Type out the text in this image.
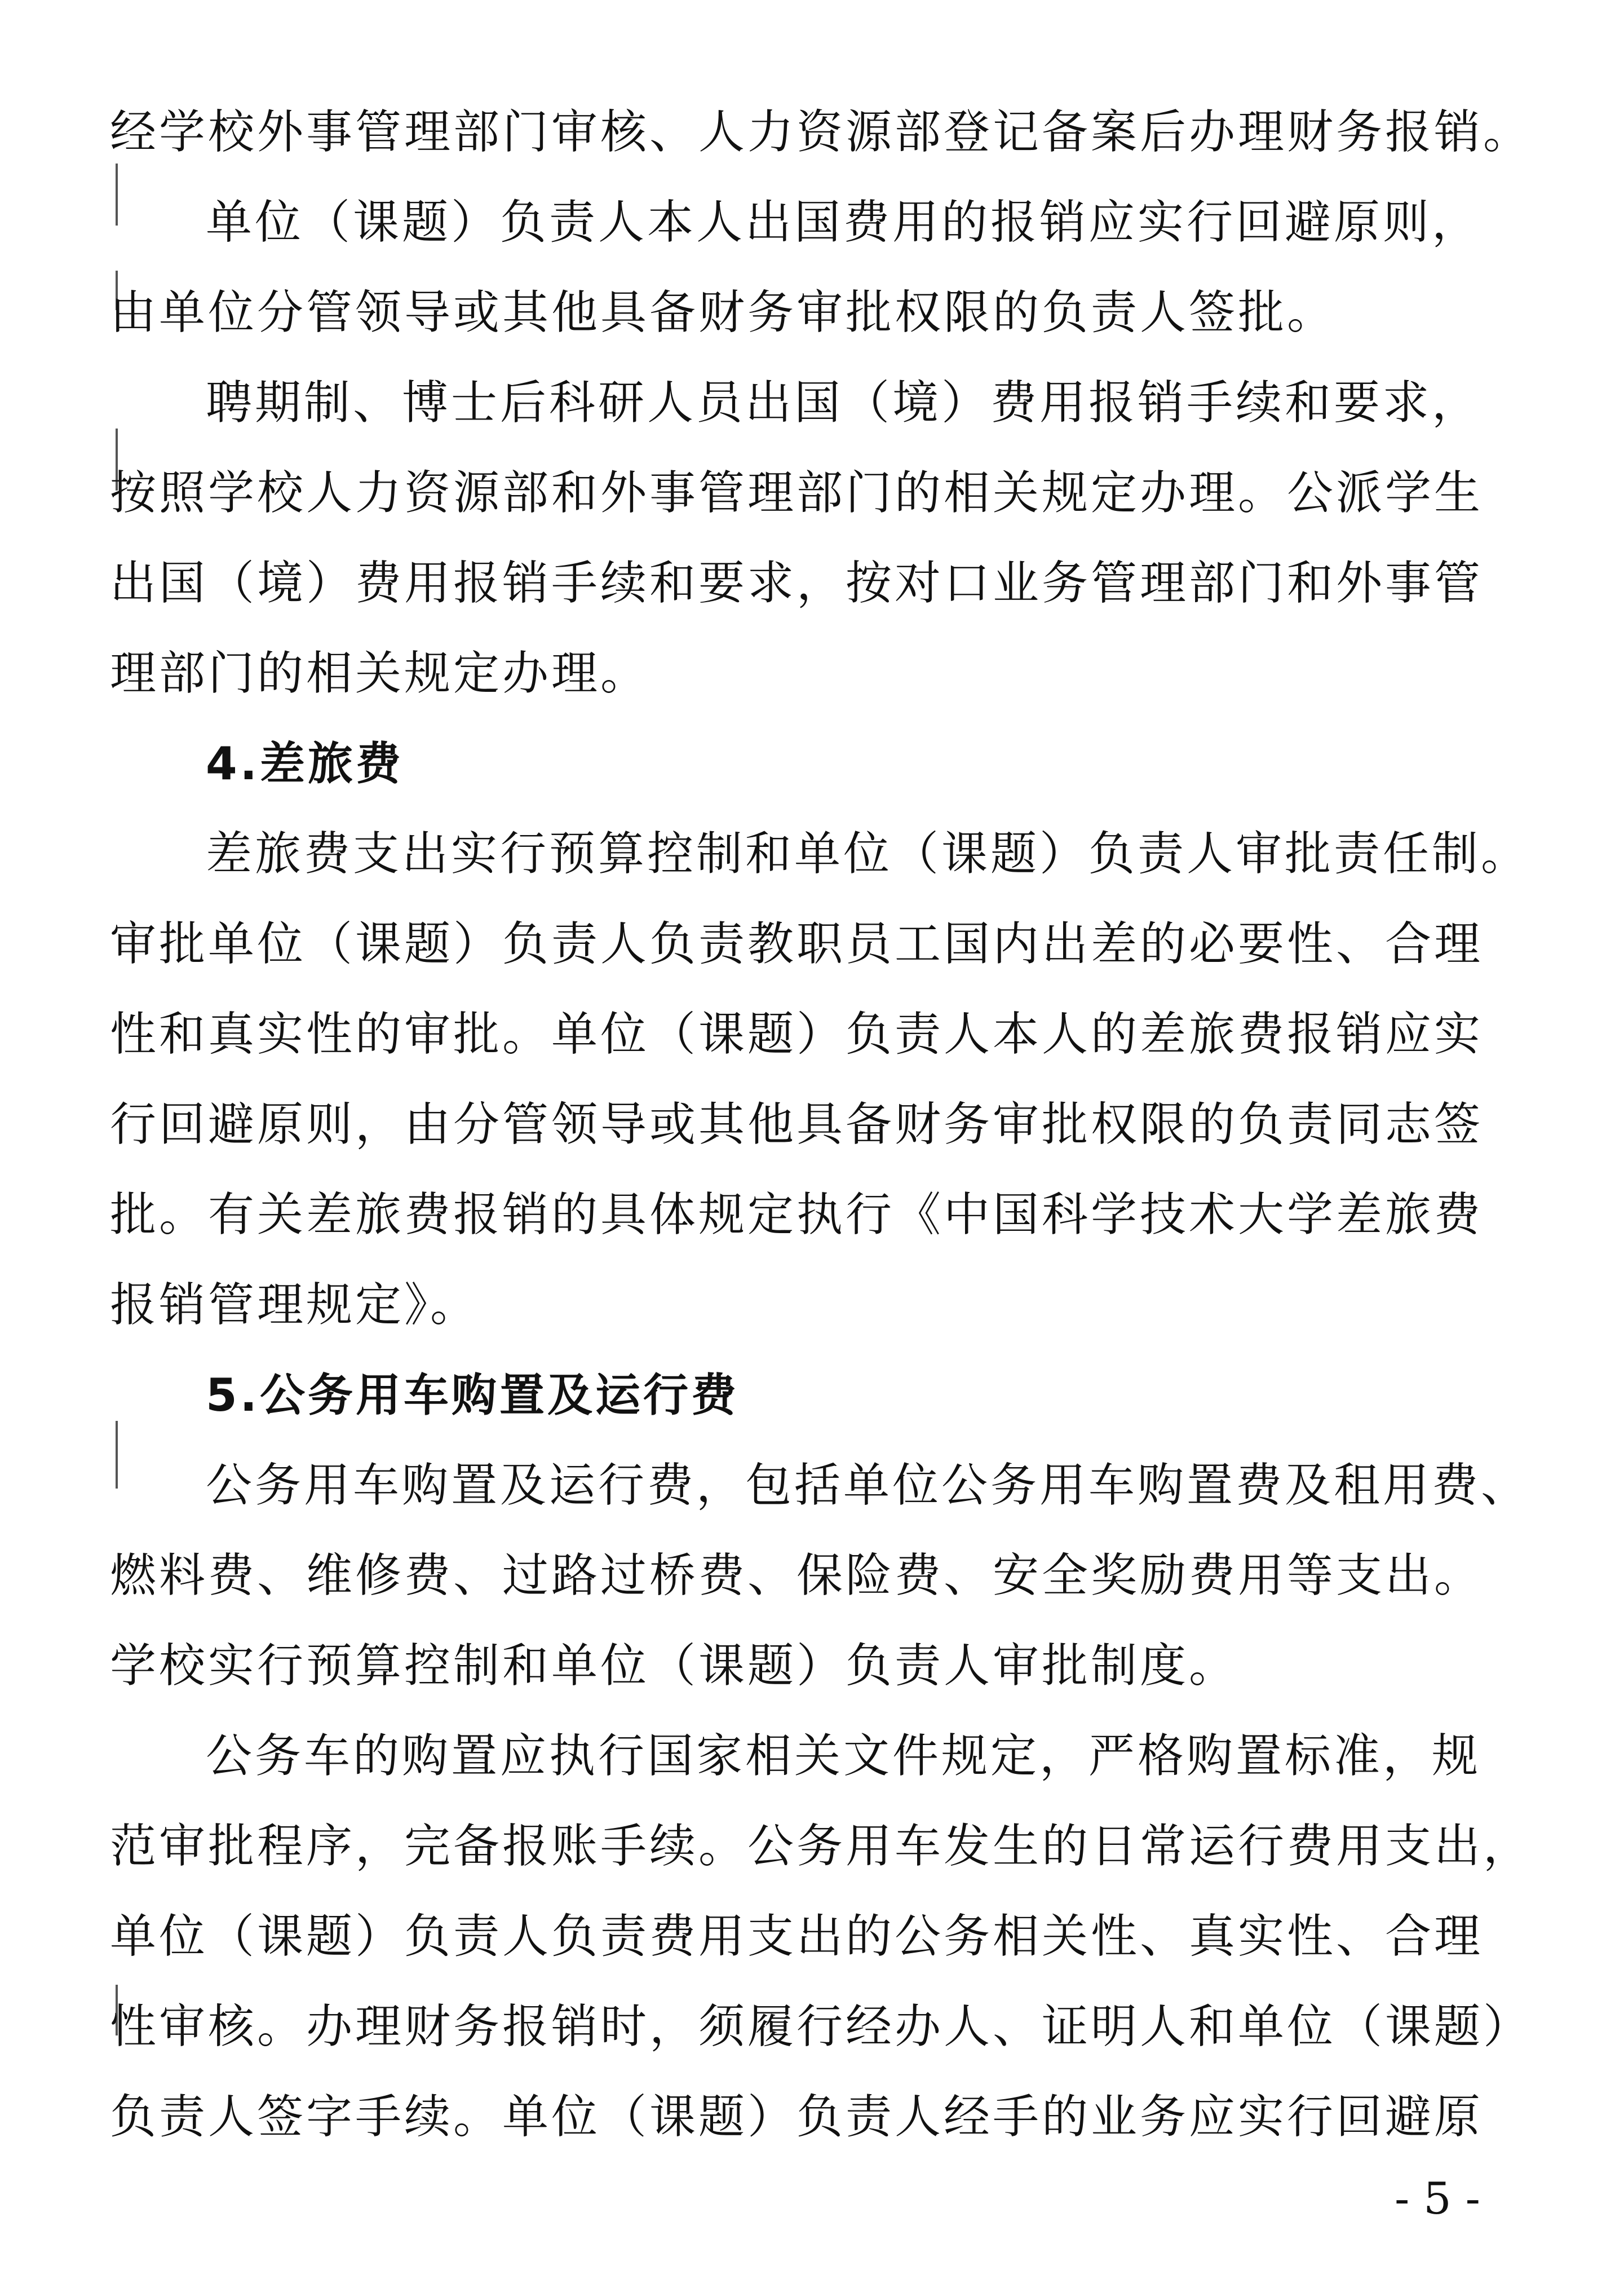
经学校外事管理部门审核、人力资源部登记备案后办理财务报销。
单位（课题）负责人本人出国费用的报销应实行回避原则，
由单位分管领导或其他具备财务审批权限的负责人签批。
聘期制、博士后科研人员出国（境）费用报销手续和要求，
按照学校人力资源部和外事管理部门的相关规定办理。公派学生
出国（境）费用报销手续和要求，按对口业务管理部门和外事管
理部门的相关规定办理。
4.差旅费
差旅费支出实行预算控制和单位（课题）负责人审批责任制。
审批单位（课题）负责人负责教职员工国内出差的必要性、合理
性和真实性的审批。单位（课题）负责人本人的差旅费报销应实
行回避原则，由分管领导或其他具备财务审批权限的负责同志签
批。有关差旅费报销的具体规定执行《中国科学技术大学差旅费
报销管理规定》。
5.公务用车购置及运行费
公务用车购置及运行费，包括单位公务用车购置费及租用费、
燃料费、维修费、过路过桥费、保险费、安全奖励费用等支出。
学校实行预算控制和单位（课题）负责人审批制度。
公务车的购置应执行国家相关文件规定，严格购置标准，规
范审批程序，完备报账手续。公务用车发生的日常运行费用支出，
单位（课题）负责人负责费用支出的公务相关性、真实性、合理
性审核。办理财务报销时，须履行经办人、证明人和单位（课题）
负责人签字手续。单位（课题）负责人经手的业务应实行回避原
- 5 -
